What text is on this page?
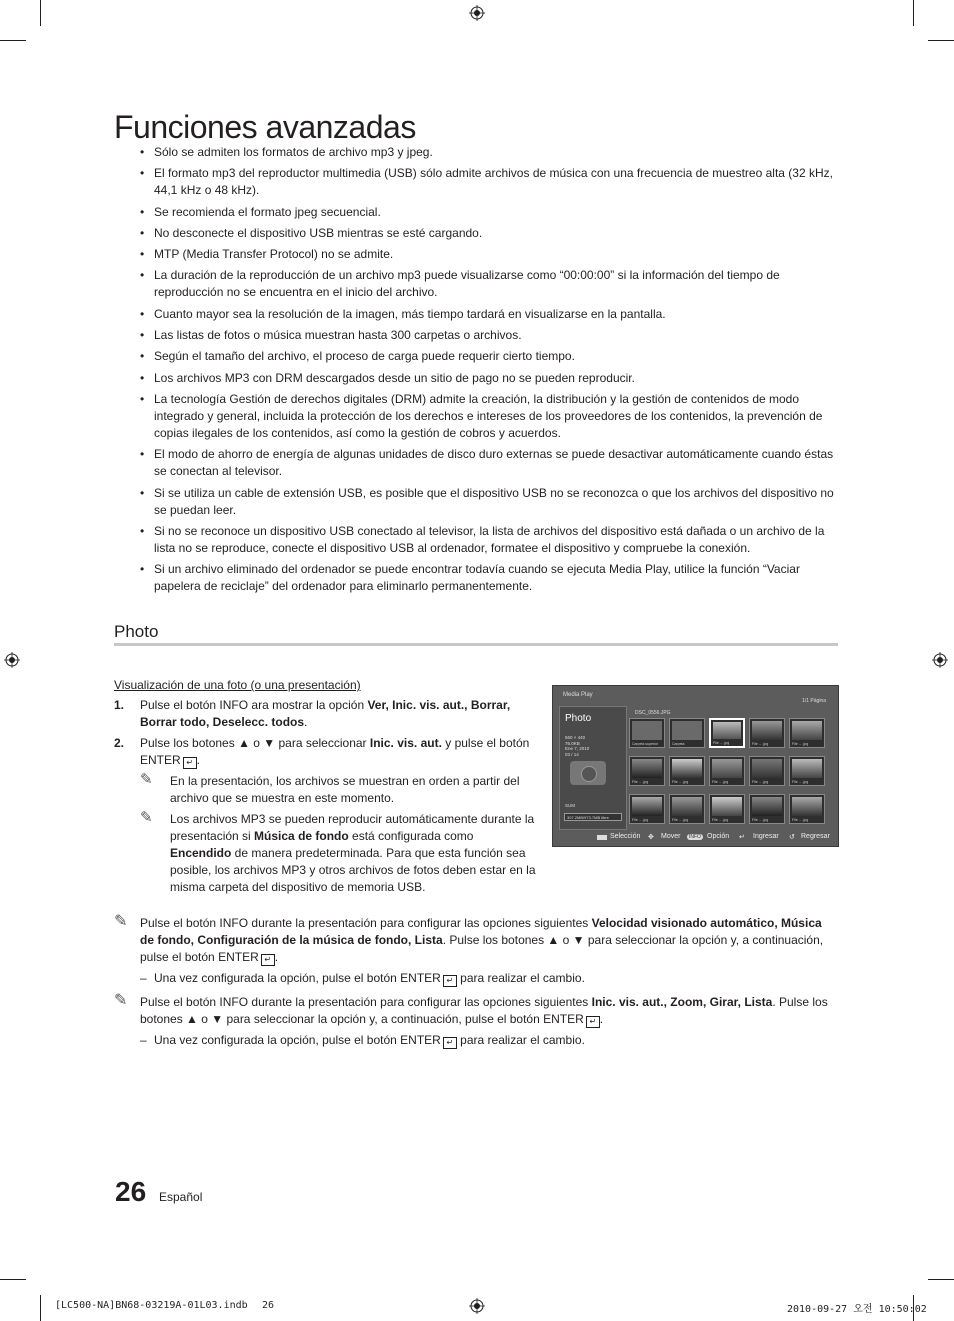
Funciones avanzadas
• Sólo se admiten los formatos de archivo mp3 y jpeg.
• El formato mp3 del reproductor multimedia (USB) sólo admite archivos de música con una frecuencia de muestreo alta (32 kHz, 44,1 kHz o 48 kHz).
• Se recomienda el formato jpeg secuencial.
• No desconecte el dispositivo USB mientras se esté cargando.
• MTP (Media Transfer Protocol) no se admite.
• La duración de la reproducción de un archivo mp3 puede visualizarse como “00:00:00” si la información del tiempo de reproducción no se encuentra en el inicio del archivo.
• Cuanto mayor sea la resolución de la imagen, más tiempo tardará en visualizarse en la pantalla.
• Las listas de fotos o música muestran hasta 300 carpetas o archivos.
• Según el tamaño del archivo, el proceso de carga puede requerir cierto tiempo.
• Los archivos MP3 con DRM descargados desde un sitio de pago no se pueden reproducir.
• La tecnología Gestión de derechos digitales (DRM) admite la creación, la distribución y la gestión de contenidos de modo integrado y general, incluida la protección de los derechos e intereses de los proveedores de los contenidos, la prevención de copias ilegales de los contenidos, así como la gestión de cobros y acuerdos.
• El modo de ahorro de energía de algunas unidades de disco duro externas se puede desactivar automáticamente cuando éstas se conectan al televisor.
• Si se utiliza un cable de extensión USB, es posible que el dispositivo USB no se reconozca o que los archivos del dispositivo no se puedan leer.
• Si no se reconoce un dispositivo USB conectado al televisor, la lista de archivos del dispositivo está dañada o un archivo de la lista no se reproduce, conecte el dispositivo USB al ordenador, formatee el dispositivo y compruebe la conexión.
• Si un archivo eliminado del ordenador se puede encontrar todavía cuando se ejecuta Media Play, utilice la función “Vaciar papelera de reciclaje” del ordenador para eliminarlo permanentemente.
Photo
Visualización de una foto (o una presentación)
1. Pulse el botón INFO ara mostrar la opción Ver, Inic. vis. aut., Borrar, Borrar todo, Deselecc. todos.
2. Pulse los botones ▲ o ▼ para seleccionar Inic. vis. aut. y pulse el botón ENTER ↵ .
✎ En la presentación, los archivos se muestran en orden a partir del archivo que se muestra en este momento.
✎ Los archivos MP3 se pueden reproducir automáticamente durante la presentación si Música de fondo está configurada como Encendido de manera predeterminada. Para que esta función sea posible, los archivos MP3 y otros archivos de fotos deben estar en la misma carpeta del dispositivo de memoria USB.
Media Play
1/1 Página
Photo
560 × 440
76.0KB
Ene 7, 2010
03 / 14
SUM
307.2MB/973.7MB libre
DSC_0556.JPG
Carpeta superior	Carpeta	File ... .jpg	File ... .jpg	File ... .jpg
File ... .jpg	File ... .jpg	File ... .jpg	File ... .jpg	File ... .jpg
File ... .jpg	File ... .jpg	File ... .jpg	File ... .jpg	File ... .jpg
Selección ✥ Mover	INFO Opción ↵ Ingresar ↺ Regresar
✎ Pulse el botón INFO durante la presentación para configurar las opciones siguientes Velocidad visionado automático, Música de fondo, Configuración de la música de fondo, Lista. Pulse los botones ▲ o ▼ para seleccionar la opción y, a continuación, pulse el botón ENTER ↵ .
– Una vez configurada la opción, pulse el botón ENTER ↵ para realizar el cambio.
✎ Pulse el botón INFO durante la presentación para configurar las opciones siguientes Inic. vis. aut., Zoom, Girar, Lista. Pulse los botones ▲ o ▼ para seleccionar la opción y, a continuación, pulse el botón ENTER ↵ .
– Una vez configurada la opción, pulse el botón ENTER ↵ para realizar el cambio.
26 Español
[LC500-NA]BN68-03219A-01L03.indb 26	2010-09-27 오전 10:50:02
